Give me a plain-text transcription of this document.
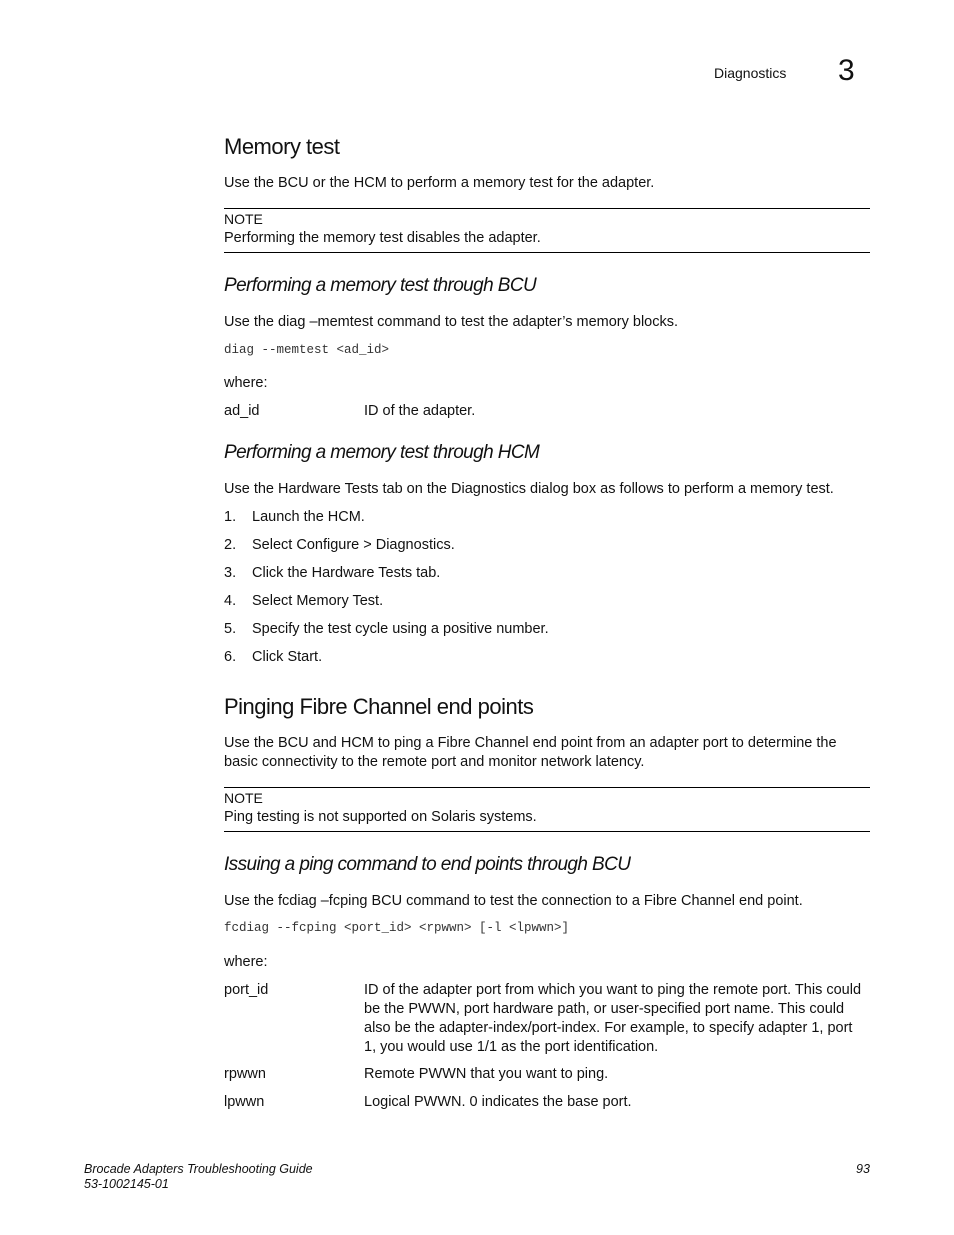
Diagnostics 3
Memory test
Use the BCU or the HCM to perform a memory test for the adapter.
NOTE
Performing the memory test disables the adapter.
Performing a memory test through BCU
Use the diag –memtest command to test the adapter’s memory blocks.
diag --memtest <ad_id>
where:
ad_id	ID of the adapter.
Performing a memory test through HCM
Use the Hardware Tests tab on the Diagnostics dialog box as follows to perform a memory test.
1. Launch the HCM.
2. Select Configure > Diagnostics.
3. Click the Hardware Tests tab.
4. Select Memory Test.
5. Specify the test cycle using a positive number.
6. Click Start.
Pinging Fibre Channel end points
Use the BCU and HCM to ping a Fibre Channel end point from an adapter port to determine the
basic connectivity to the remote port and monitor network latency.
NOTE
Ping testing is not supported on Solaris systems.
Issuing a ping command to end points through BCU
Use the fcdiag –fcping BCU command to test the connection to a Fibre Channel end point.
fcdiag --fcping <port_id> <rpwwn> [-l <lpwwn>]
where:
port_id	ID of the adapter port from which you want to ping the remote port. This could
be the PWWN, port hardware path, or user-specified port name. This could
also be the adapter-index/port-index. For example, to specify adapter 1, port
1, you would use 1/1 as the port identification.
rpwwn	Remote PWWN that you want to ping.
lpwwn	Logical PWWN. 0 indicates the base port.
Brocade Adapters Troubleshooting Guide
53-1002145-01
93
